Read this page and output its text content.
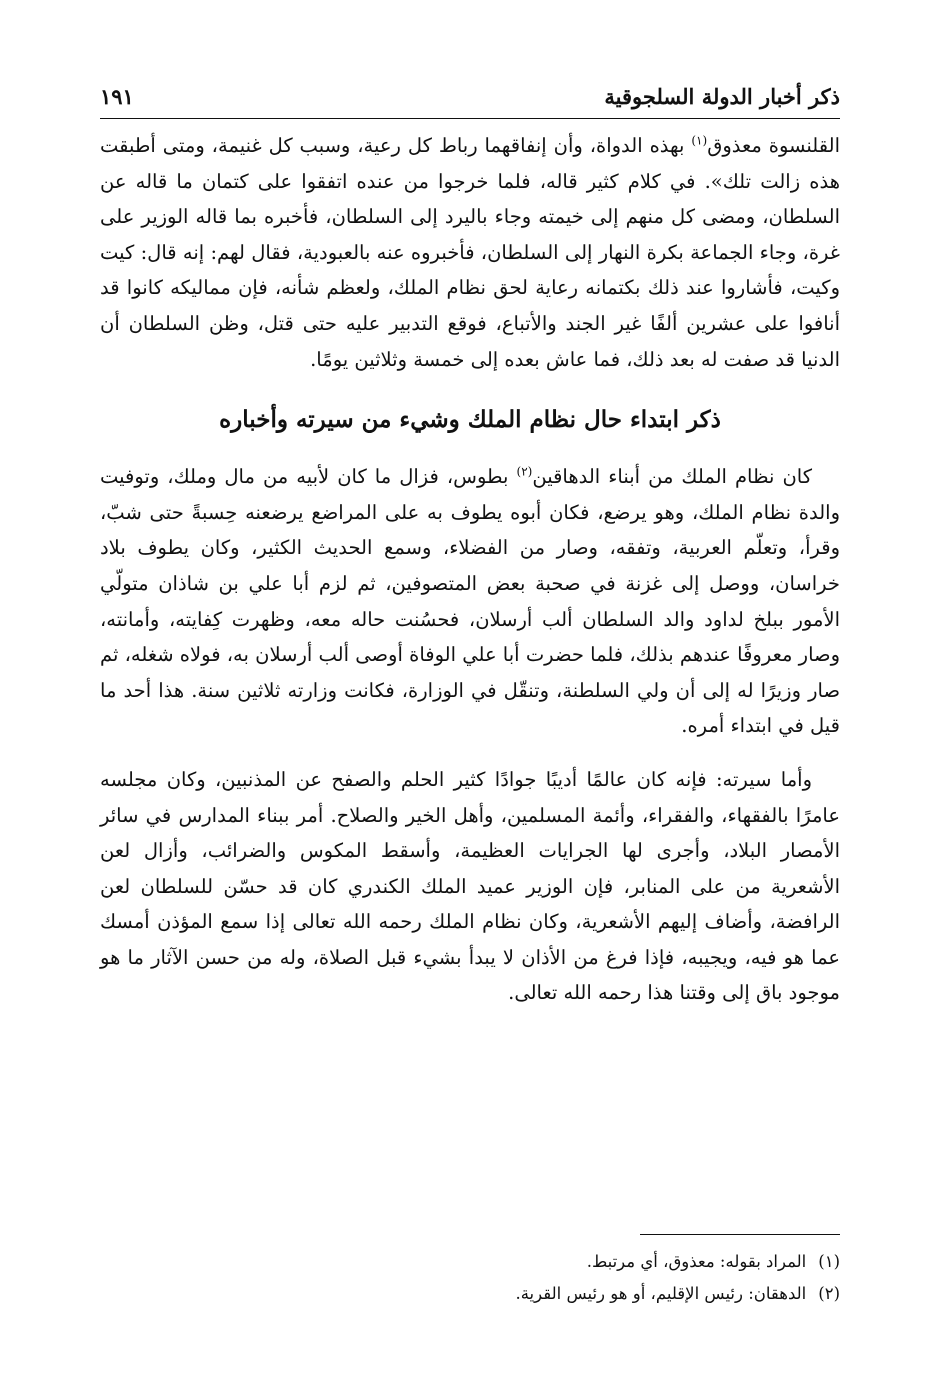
ذكر أخبار الدولة السلجوقية
١٩١

القلنسوة معذوق$^{(١)}$ بهذه الدواة، وأن إنفاقهما رباط كل رعية، وسبب كل غنيمة، ومتى أطبقت هذه زالت تلك». في كلام كثير قاله، فلما خرجوا من عنده اتفقوا على كتمان ما قاله عن السلطان، ومضى كل منهم إلى خيمته وجاء باليرد إلى السلطان، فأخبره بما قاله الوزير على غرة، وجاء الجماعة بكرة النهار إلى السلطان، فأخبروه عنه بالعبودية، فقال لهم: إنه قال: كيت وكيت، فأشاروا عند ذلك بكتمانه رعاية لحق نظام الملك، ولعظم شأنه، فإن مماليكه كانوا قد أنافوا على عشرين ألفًا غير الجند والأتباع، فوقع التدبير عليه حتى قتل، وظن السلطان أن الدنيا قد صفت له بعد ذلك، فما عاش بعده إلى خمسة وثلاثين يومًا.

ذكر ابتداء حال نظام الملك وشيء من سيرته وأخباره

كان نظام الملك من أبناء الدهاقين$^{(٢)}$ بطوس، فزال ما كان لأبيه من مال وملك، وتوفيت والدة نظام الملك، وهو يرضع، فكان أبوه يطوف به على المراضع يرضعنه حِسبةً حتى شبّ، وقرأ، وتعلّم العربية، وتفقه، وصار من الفضلاء، وسمع الحديث الكثير، وكان يطوف بلاد خراسان، ووصل إلى غزنة في صحبة بعض المتصوفين، ثم لزم أبا علي بن شاذان متولّي الأمور ببلخ لداود والد السلطان ألب أرسلان، فحسُنت حاله معه، وظهرت كِفايته، وأمانته، وصار معروفًا عندهم بذلك، فلما حضرت أبا علي الوفاة أوصى ألب أرسلان به، فولاه شغله، ثم صار وزيرًا له إلى أن ولي السلطنة، وتنقّل في الوزارة، فكانت وزارته ثلاثين سنة. هذا أحد ما قيل في ابتداء أمره.

وأما سيرته: فإنه كان عالمًا أديبًا جوادًا كثير الحلم والصفح عن المذنبين، وكان مجلسه عامرًا بالفقهاء، والفقراء، وأئمة المسلمين، وأهل الخير والصلاح. أمر ببناء المدارس في سائر الأمصار البلاد، وأجرى لها الجرايات العظيمة، وأسقط المكوس والضرائب، وأزال لعن الأشعرية من على المنابر، فإن الوزير عميد الملك الكندري كان قد حسّن للسلطان لعن الرافضة، وأضاف إليهم الأشعرية، وكان نظام الملك رحمه الله تعالى إذا سمع المؤذن أمسك عما هو فيه، ويجيبه، فإذا فرغ من الأذان لا يبدأ بشيء قبل الصلاة، وله من حسن الآثار ما هو موجود باق إلى وقتنا هذا رحمه الله تعالى.

(١)
المراد بقوله: معذوق، أي مرتبط.
(٢)
الدهقان: رئيس الإقليم، أو هو رئيس القرية.
